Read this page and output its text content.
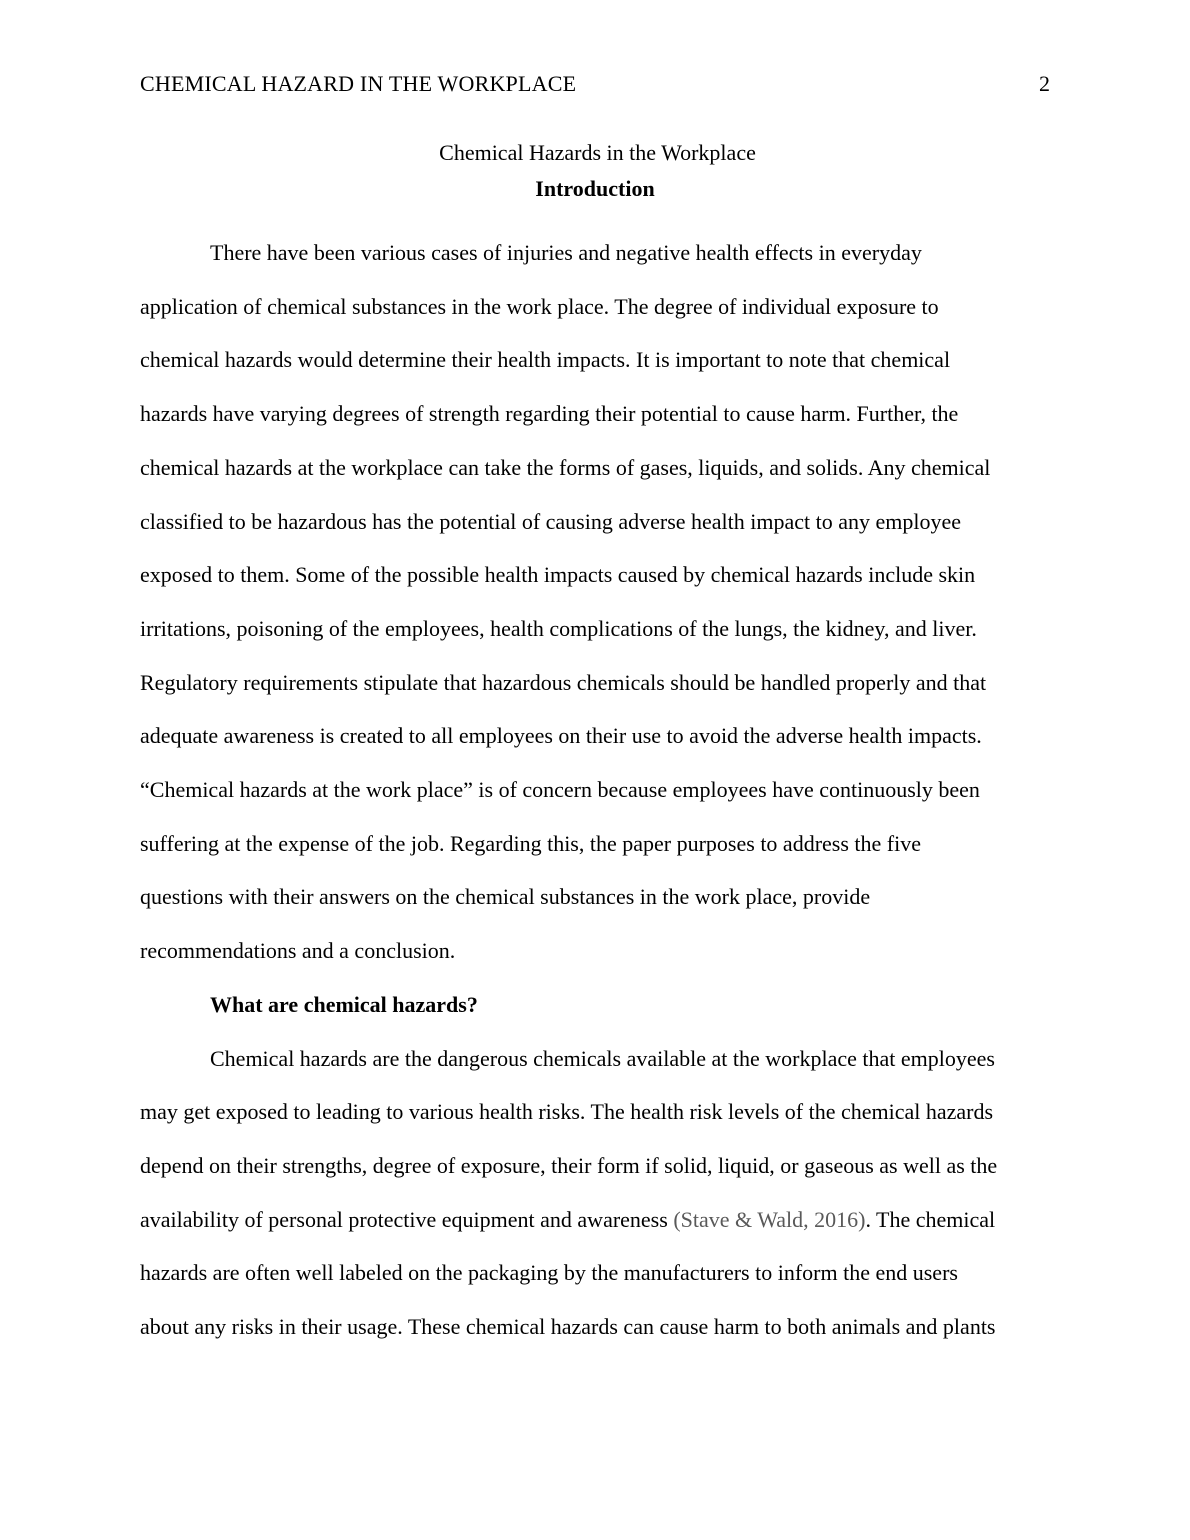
CHEMICAL HAZARD IN THE WORKPLACE	2
Chemical Hazards in the Workplace
Introduction

There have been various cases of injuries and negative health effects in everyday
application of chemical substances in the work place. The degree of individual exposure to
chemical hazards would determine their health impacts. It is important to note that chemical
hazards have varying degrees of strength regarding their potential to cause harm. Further, the
chemical hazards at the workplace can take the forms of gases, liquids, and solids. Any chemical
classified to be hazardous has the potential of causing adverse health impact to any employee
exposed to them. Some of the possible health impacts caused by chemical hazards include skin
irritations, poisoning of the employees, health complications of the lungs, the kidney, and liver.
Regulatory requirements stipulate that hazardous chemicals should be handled properly and that
adequate awareness is created to all employees on their use to avoid the adverse health impacts.
“Chemical hazards at the work place” is of concern because employees have continuously been
suffering at the expense of the job. Regarding this, the paper purposes to address the five
questions with their answers on the chemical substances in the work place, provide
recommendations and a conclusion.

What are chemical hazards?

Chemical hazards are the dangerous chemicals available at the workplace that employees
may get exposed to leading to various health risks. The health risk levels of the chemical hazards
depend on their strengths, degree of exposure, their form if solid, liquid, or gaseous as well as the
availability of personal protective equipment and awareness (Stave & Wald, 2016). The chemical
hazards are often well labeled on the packaging by the manufacturers to inform the end users
about any risks in their usage. These chemical hazards can cause harm to both animals and plants
